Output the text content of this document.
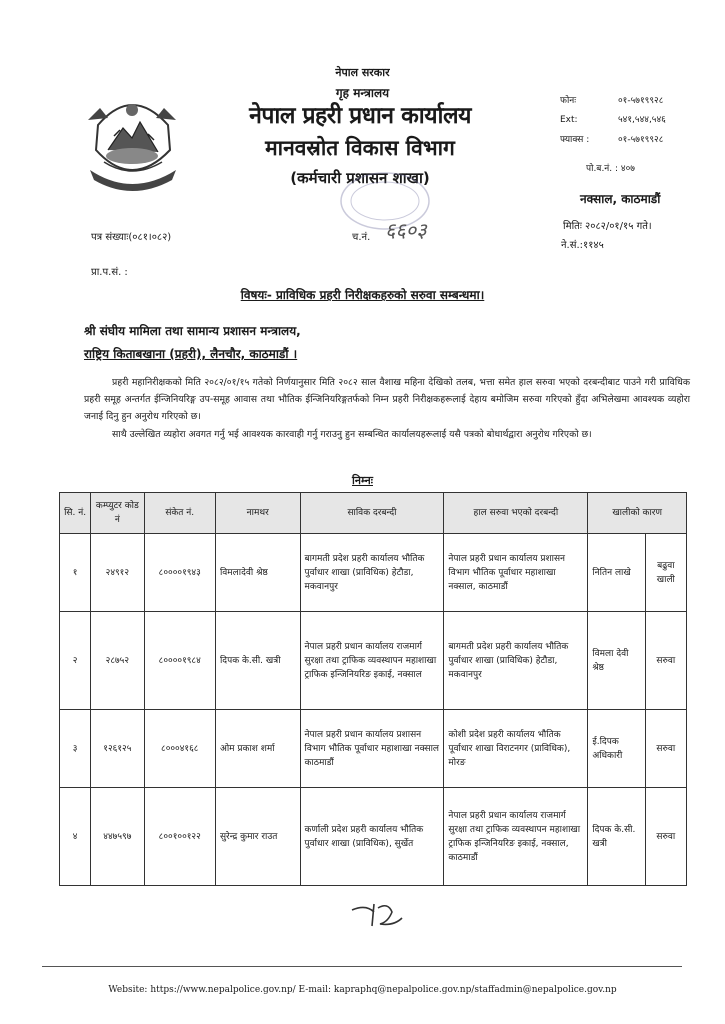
नेपाल सरकार
गृह मन्त्रालय
नेपाल प्रहरी प्रधान कार्यालय
मानवस्रोत विकास विभाग
(कर्मचारी प्रशासन शाखा)
फोनः	०१-५७१९९२८
Ext:	५४१,५४४,५४६
फ्याक्स :	०१-५७१९९२८
पो.ब.नं. : ४०७
नक्साल, काठमाडौं
मितिः २०८२/०१/१५ गते।
ने.सं.:११४५
पत्र संख्याः(०८१।०८२)	च.नं. ६६०३
प्रा.प.सं. :
विषयः- प्राविधिक प्रहरी निरीक्षकहरुको सरुवा सम्बन्धमा।
श्री संघीय मामिला तथा सामान्य प्रशासन मन्त्रालय,
राष्ट्रिय किताबखाना (प्रहरी), लैनचौर, काठमाडौं ।
प्रहरी महानिरीक्षकको मिति २०८२/०१/१५ गतेको निर्णयानुसार मिति २०८२ साल वैशाख महिना देखिको तलब, भत्ता समेत हाल सरुवा भएको दरबन्दीबाट पाउने गरी प्राविधिक प्रहरी समूह अन्तर्गत ईन्जिनियरिङ्ग उप-समूह आवास तथा भौतिक ईन्जिनियरिङ्गतर्फको निम्न प्रहरी निरीक्षकहरूलाई देहाय बमोजिम सरुवा गरिएको हुँदा अभिलेखमा आवश्यक व्यहोरा जनाई दिनु हुन अनुरोध गरिएको छ।
साथै उल्लेखित व्यहोरा अवगत गर्नु भई आवश्यक कारवाही गर्नु गराउनु हुन सम्बन्धित कार्यालयहरूलाई यसै पत्रको बोधार्थद्वारा अनुरोध गरिएको छ।
निम्नः
सि. नं.	कम्प्युटर कोड नं	संकेत नं.	नामथर	साविक दरबन्दी	हाल सरुवा भएको दरबन्दी	खालीको कारण	
१	२४९१२	८००००१९४३	विमलादेवी श्रेष्ठ	बागमती प्रदेश प्रहरी कार्यालय भौतिक पुर्वाधार शाखा (प्राविधिक) हेटौडा, मकवानपुर	नेपाल प्रहरी प्रधान कार्यालय प्रशासन विभाग भौतिक पूर्वाधार महाशाखा नक्साल, काठमाडौं	नितिन लाखे	बढुवा खाली
२	२८७५२	८००००१९८४	दिपक के.सी. खत्री	नेपाल प्रहरी प्रधान कार्यालय राजमार्ग सुरक्षा तथा ट्राफिक व्यवस्थापन महाशाखा ट्राफिक इन्जिनियरिङ इकाई, नक्साल	बागमती प्रदेश प्रहरी कार्यालय भौतिक पुर्वाधार शाखा (प्राविधिक) हेटौडा, मकवानपुर	विमला देवी श्रेष्ठ	सरुवा
३	१२६१२५	८०००४१६८	ओम प्रकाश शर्मा	नेपाल प्रहरी प्रधान कार्यालय प्रशासन विभाग भौतिक पूर्वाधार महाशाखा नक्साल काठमाडौं	कोशी प्रदेश प्रहरी कार्यालय भौतिक पूर्वाधार शाखा विराटनगर (प्राविधिक), मोरङ	ई.दिपक अधिकारी	सरुवा
४	४४७५९७	८००१००१२२	सुरेन्द्र कुमार राउत	कर्णाली प्रदेश प्रहरी कार्यालय भौतिक पुर्वाधार शाखा (प्राविधिक), सुर्खेत	नेपाल प्रहरी प्रधान कार्यालय राजमार्ग सुरक्षा तथा ट्राफिक व्यवस्थापन महाशाखा ट्राफिक इन्जिनियरिङ इकाई, नक्साल, काठमाडौं	दिपक के.सी. खत्री	सरुवा
Website: https://www.nepalpolice.gov.np/ E-mail: kapraphq@nepalpolice.gov.np/staffadmin@nepalpolice.gov.np
